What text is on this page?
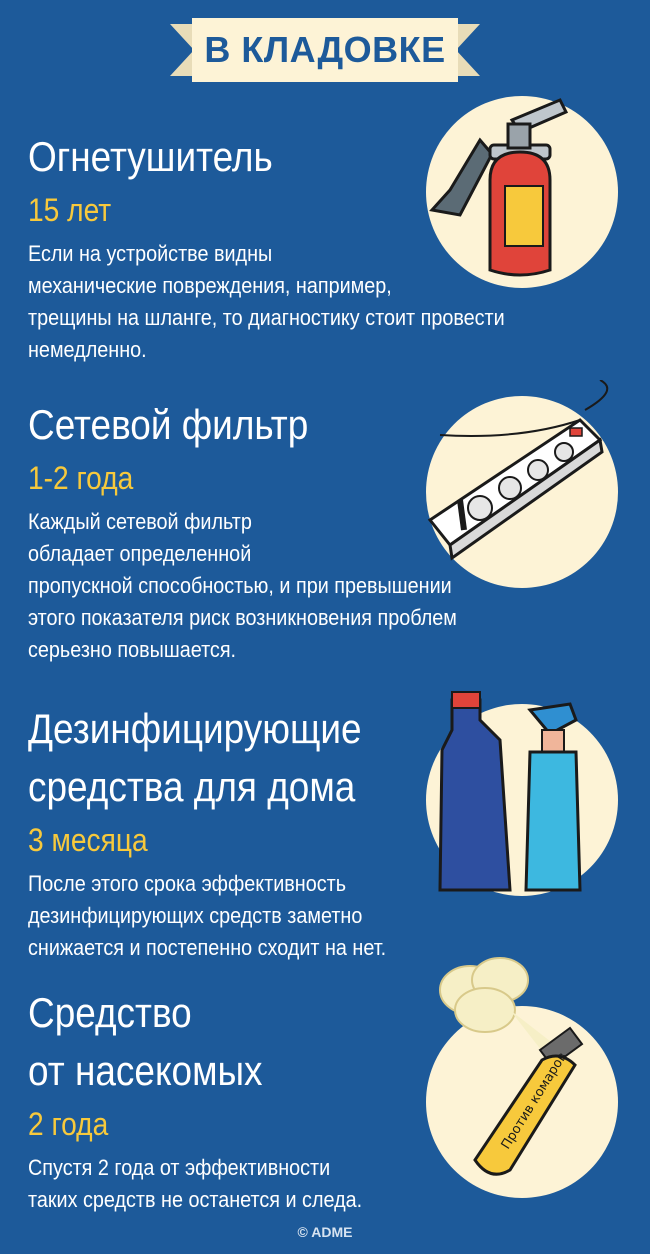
В КЛАДОВКЕ
Огнетушитель
15 лет
Если на устройстве видны
механические повреждения, например,
трещины на шланге, то диагностику стоит провести
немедленно.
Сетевой фильтр
1-2 года
Каждый сетевой фильтр
обладает определенной
пропускной способностью, и при превышении
этого показателя риск возникновения проблем
серьезно повышается.
Дезинфицирующие
средства для дома
3 месяца
После этого срока эффективность
дезинфицирующих средств заметно
снижается и постепенно сходит на нет.
Средство
от насекомых
2 года
Спустя 2 года от эффективности
таких средств не останется и следа.
Против комаров
© ADME
